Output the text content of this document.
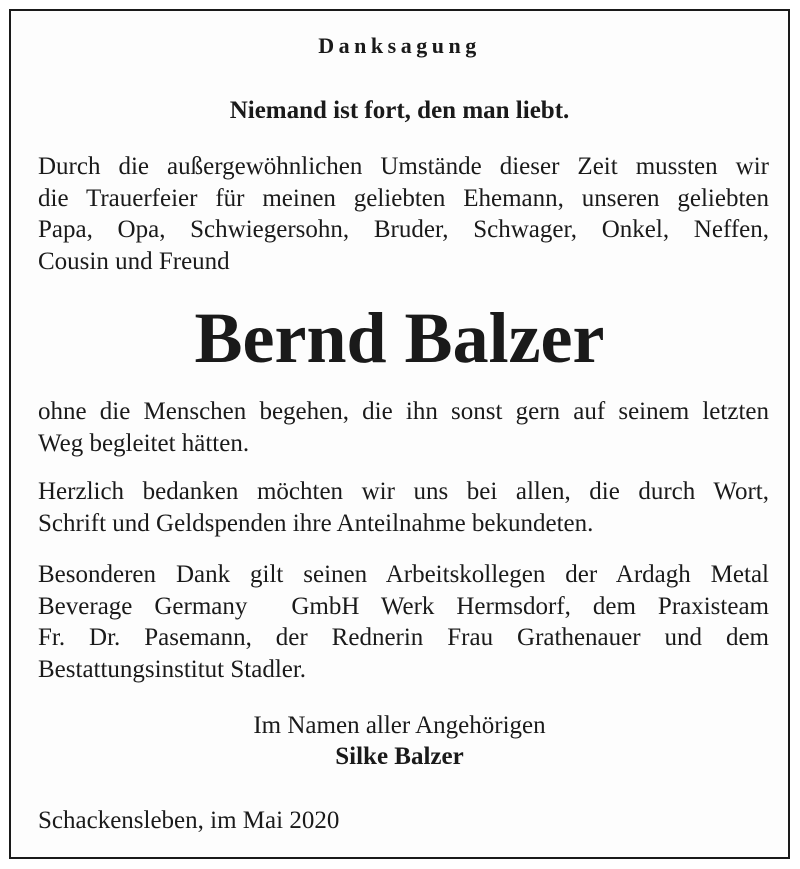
Danksagung

Niemand ist fort, den man liebt.

Durch die außergewöhnlichen Umstände dieser Zeit mussten wir
die Trauerfeier für meinen geliebten Ehemann, unseren geliebten
Papa, Opa, Schwiegersohn, Bruder, Schwager, Onkel, Neffen,
Cousin und Freund

Bernd Balzer

ohne die Menschen begehen, die ihn sonst gern auf seinem letzten
Weg begleitet hätten.
Herzlich bedanken möchten wir uns bei allen, die durch Wort,
Schrift und Geldspenden ihre Anteilnahme bekundeten.
Besonderen Dank gilt seinen Arbeitskollegen der Ardagh Metal
Beverage Germany  GmbH Werk Hermsdorf, dem Praxisteam
Fr. Dr. Pasemann, der Rednerin Frau Grathenauer und dem
Bestattungsinstitut Stadler.

Im Namen aller Angehörigen

Silke Balzer

Schackensleben, im Mai 2020
